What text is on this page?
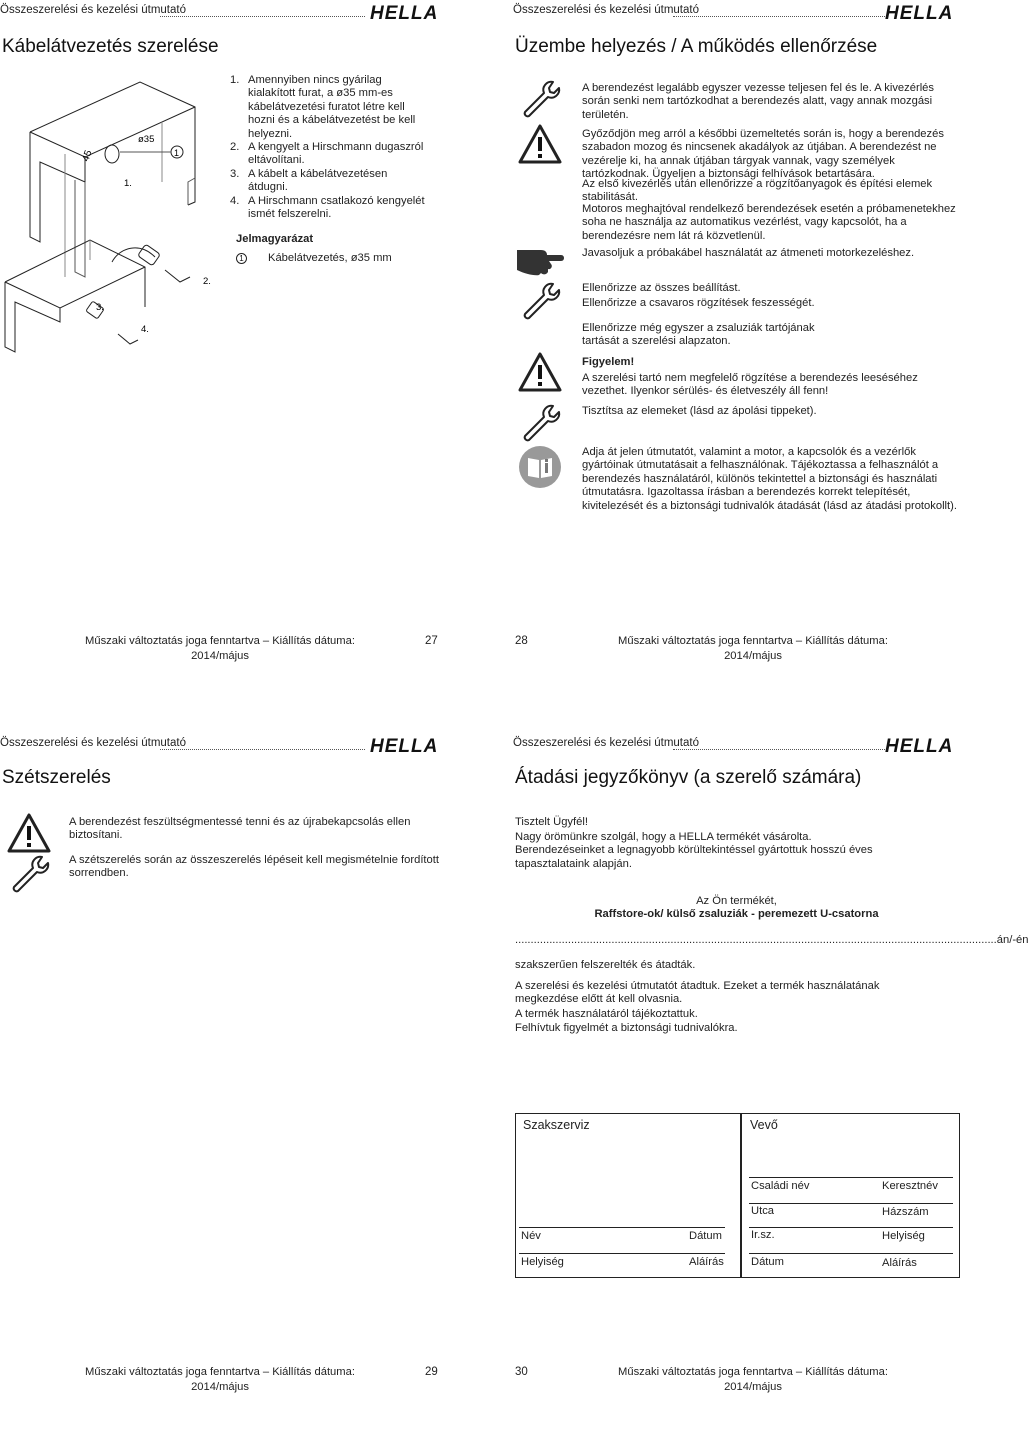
Összeszerelési és kezelési útmutató	HELLA
Kábelátvezetés szerelése
45
ø35
1
1.
2.
3.
4.
1. Amennyiben nincs gyárilag kialakított furat, a ø35 mm-es kábelátvezetési furatot létre kell hozni és a kábelátvezetést be kell helyezni.
2. A kengyelt a Hirschmann dugaszról eltávolítani.
3. A kábelt a kábelátvezetésen átdugni.
4. A Hirschmann csatlakozó kengyelét ismét felszerelni.
Jelmagyarázat
1 Kábelátvezetés, ø35 mm
Műszaki változtatás joga fenntartva – Kiállítás dátuma:
2014/május
27
Összeszerelési és kezelési útmutató	HELLA
Üzembe helyezés / A működés ellenőrzése
A berendezést legalább egyszer vezesse teljesen fel és le. A kivezérlés során senki nem tartózkodhat a berendezés alatt, vagy annak mozgási területén.
Győződjön meg arról a későbbi üzemeltetés során is, hogy a berendezés szabadon mozog és nincsenek akadályok az útjában. A berendezést ne vezérelje ki, ha annak útjában tárgyak vannak, vagy személyek tartózkodnak. Ügyeljen a biztonsági felhívások betartására.
Az első kivezérlés után ellenőrizze a rögzítőanyagok és építési elemek stabilitását.
Motoros meghajtóval rendelkező berendezések esetén a próbamenetekhez soha ne használja az automatikus vezérlést, vagy kapcsolót, ha a berendezésre nem lát rá közvetlenül.
Javasoljuk a próbakábel használatát az átmeneti motorkezeléshez.
Ellenőrizze az összes beállítást.
Ellenőrizze a csavaros rögzítések feszességét.
Ellenőrizze még egyszer a zsaluziák tartójának tartását a szerelési alapzaton.
Figyelem!
A szerelési tartó nem megfelelő rögzítése a berendezés leeséséhez vezethet. Ilyenkor sérülés- és életveszély áll fenn!
Tisztítsa az elemeket (lásd az ápolási tippeket).
Adja át jelen útmutatót, valamint a motor, a kapcsolók és a vezérlők gyártóinak útmutatásait a felhasználónak. Tájékoztassa a felhasználót a berendezés használatáról, különös tekintettel a biztonsági és használati útmutatásra. Igazoltassa írásban a berendezés korrekt telepítését, kivitelezését és a biztonsági tudnivalók átadását (lásd az átadási protokollt).
28	Műszaki változtatás joga fenntartva – Kiállítás dátuma:
2014/május
Összeszerelési és kezelési útmutató	HELLA
Szétszerelés
A berendezést feszültségmentessé tenni és az újrabekapcsolás ellen biztosítani.
A szétszerelés során az összeszerelés lépéseit kell megismételnie fordított sorrendben.
Műszaki változtatás joga fenntartva – Kiállítás dátuma:
2014/május
29
Összeszerelési és kezelési útmutató	HELLA
Átadási jegyzőkönyv (a szerelő számára)
Tisztelt Ügyfél!
Nagy örömünkre szolgál, hogy a HELLA termékét vásárolta. Berendezéseinket a legnagyobb körültekintéssel gyártottuk hosszú éves tapasztalataink alapján.
Az Ön termékét,
Raffstore-ok/ külső zsaluziák - peremezett U-csatorna
...........................................................................................................................................................án/-én
szakszerűen felszerelték és átadták.
A szerelési és kezelési útmutatót átadtuk. Ezeket a termék használatának megkezdése előtt át kell olvasnia.
A termék használatáról tájékoztattuk.
Felhívtuk figyelmét a biztonsági tudnivalókra.
Szakszerviz	Vevő
Név	Dátum
Helyiség	Aláírás
Családi név	Keresztnév
Utca	Házszám
Ir.sz.	Helyiség
Dátum	Aláírás
30	Műszaki változtatás joga fenntartva – Kiállítás dátuma:
2014/május
